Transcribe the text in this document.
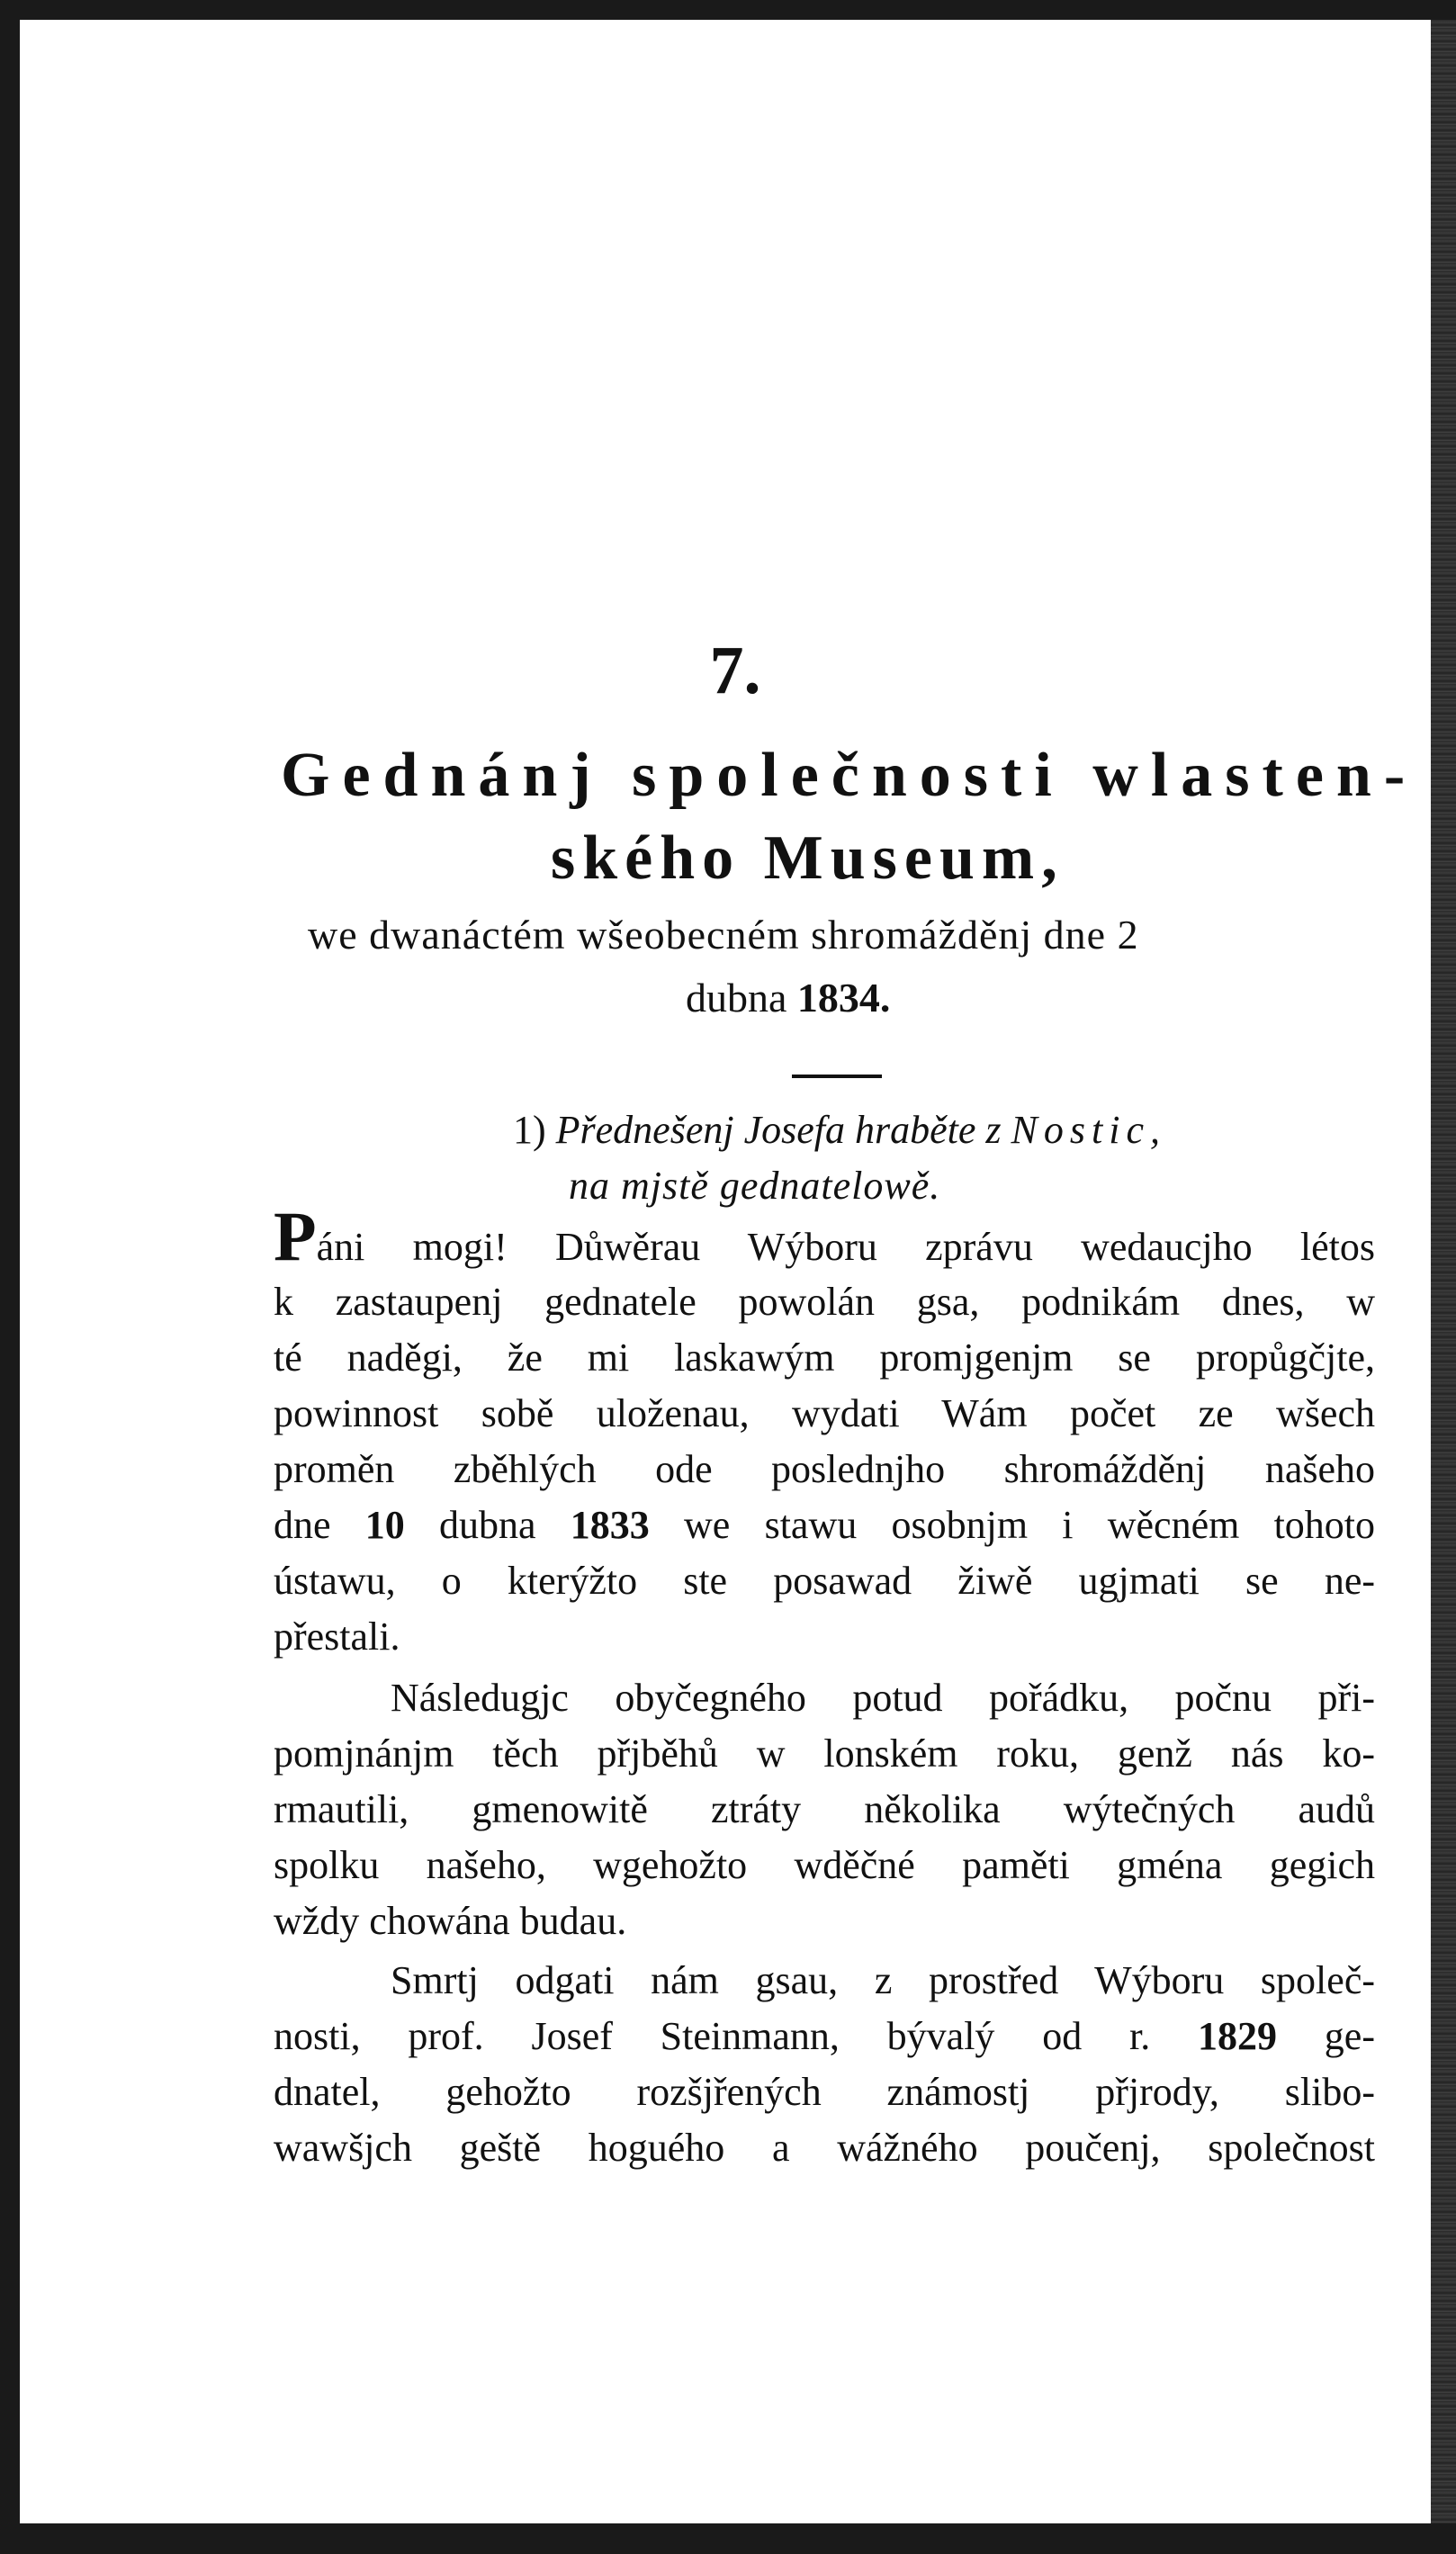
7.
Gednánj společnosti wlasten-
ského Museum,
we dwanáctém wšeobecném shromážděnj dne 2
dubna 1834.
1) Přednešenj Josefa hraběte z Nostic,
na mjstě gednatelowě.
Páni mogi! Důwěrau Wýboru zprávu wedaucjho létos
k zastaupenj gednatele powolán gsa, podnikám dnes, w
té naděgi, že mi laskawým promjgenjm se propůgčjte,
powinnost sobě uloženau, wydati Wám počet ze wšech
proměn zběhlých ode poslednjho shromážděnj našeho
dne 10 dubna 1833 we stawu osobnjm i wěcném tohoto
ústawu, o kterýžto ste posawad žiwě ugjmati se ne-
přestali.
Následugjc obyčegného potud pořádku, počnu při-
pomjnánjm těch přjběhů w lonském roku, genž nás ko-
rmautili, gmenowitě ztráty několika wýtečných audů
spolku našeho, wgehožto wděčné paměti gména gegich
wždy chowána budau.
Smrtj odgati nám gsau, z prostřed Wýboru společ-
nosti, prof. Josef Steinmann, bývalý od r. 1829 ge-
dnatel, gehožto rozšjřených známostj přjrody, slibo-
wawšjch geště hoguého a wážného poučenj, společnost
